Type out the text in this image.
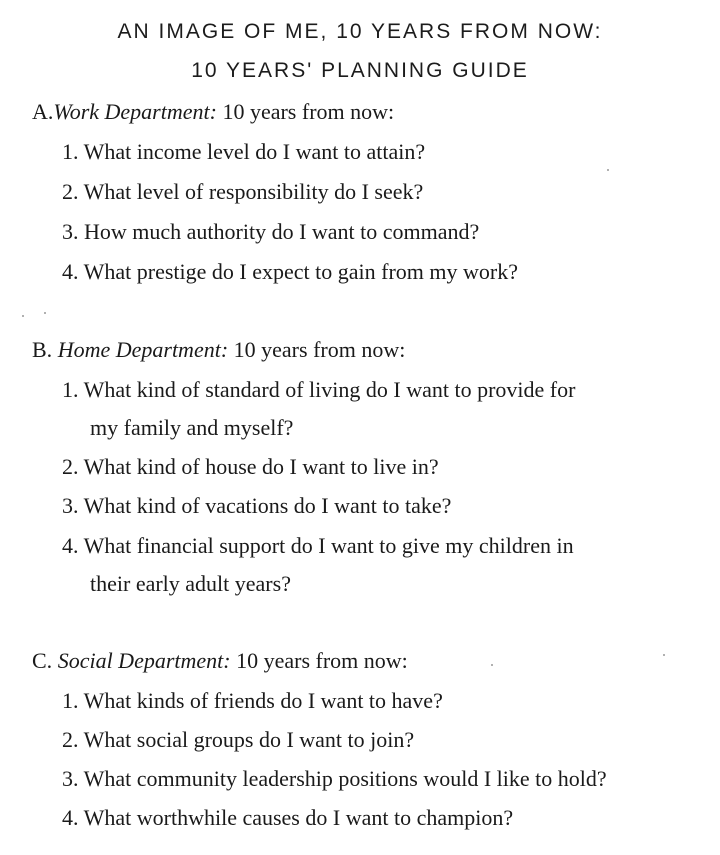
AN IMAGE OF ME, 10 YEARS FROM NOW:
10 YEARS' PLANNING GUIDE
A.Work Department: 10 years from now:
1. What income level do I want to attain?
2. What level of responsibility do I seek?
3. How much authority do I want to command?
4. What prestige do I expect to gain from my work?
B. Home Department: 10 years from now:
1. What kind of standard of living do I want to provide for
my family and myself?
2. What kind of house do I want to live in?
3. What kind of vacations do I want to take?
4. What financial support do I want to give my children in
their early adult years?
C. Social Department: 10 years from now:
1. What kinds of friends do I want to have?
2. What social groups do I want to join?
3. What community leadership positions would I like to hold?
4. What worthwhile causes do I want to champion?
